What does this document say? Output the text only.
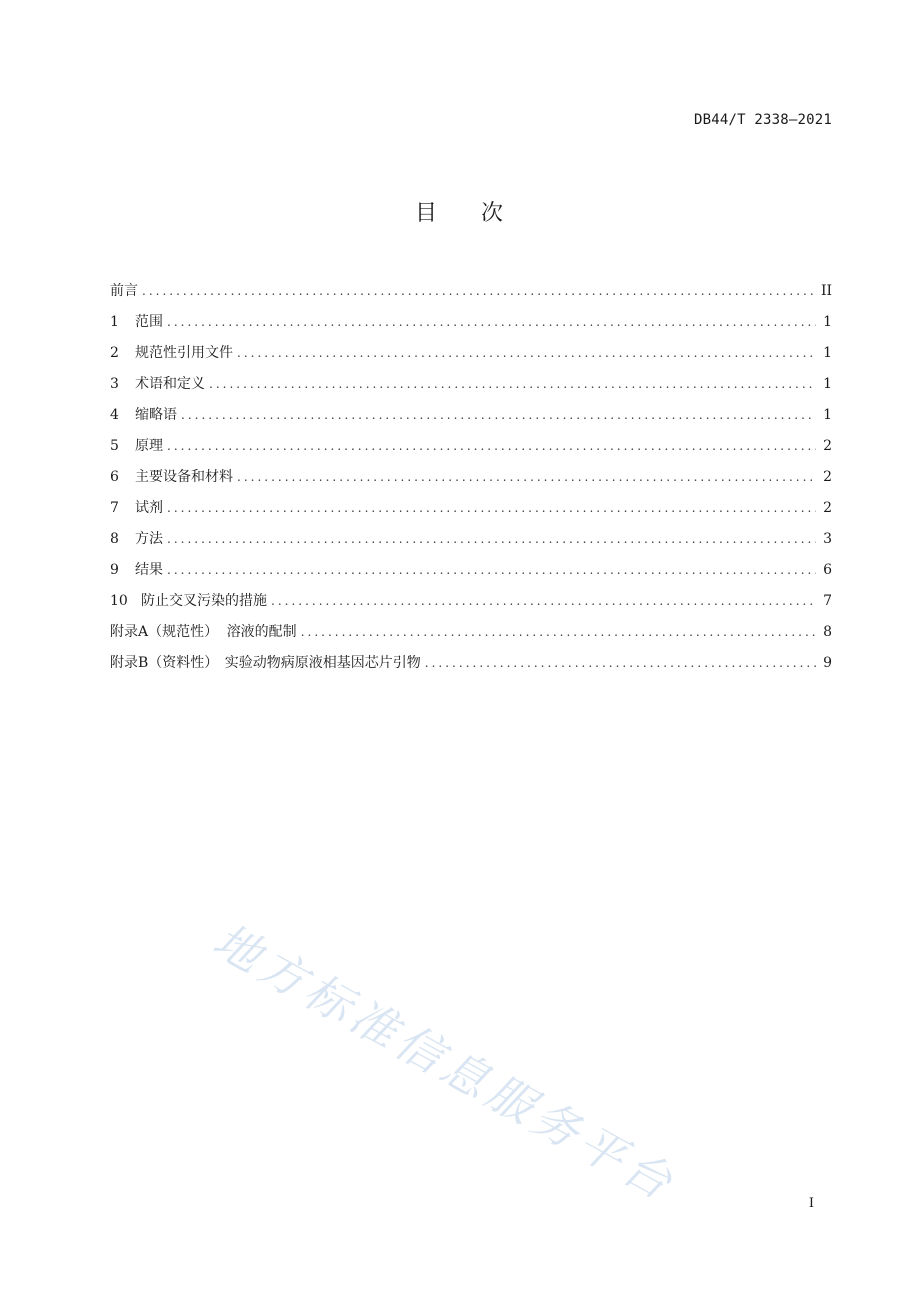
DB44/T 2338—2021
目 次
前言 .....	II
1	范围 .....	1
2	规范性引用文件 .....	1
3	术语和定义 .....	1
4	缩略语 .....	1
5	原理 .....	2
6	主要设备和材料 .....	2
7	试剂 .....	2
8	方法 .....	3
9	结果 .....	6
10 防止交叉污染的措施 .....	7
附录A（规范性） 溶液的配制 .....	8
附录B（资料性） 实验动物病原液相基因芯片引物 .....	9
地方标准信息服务平台	I
